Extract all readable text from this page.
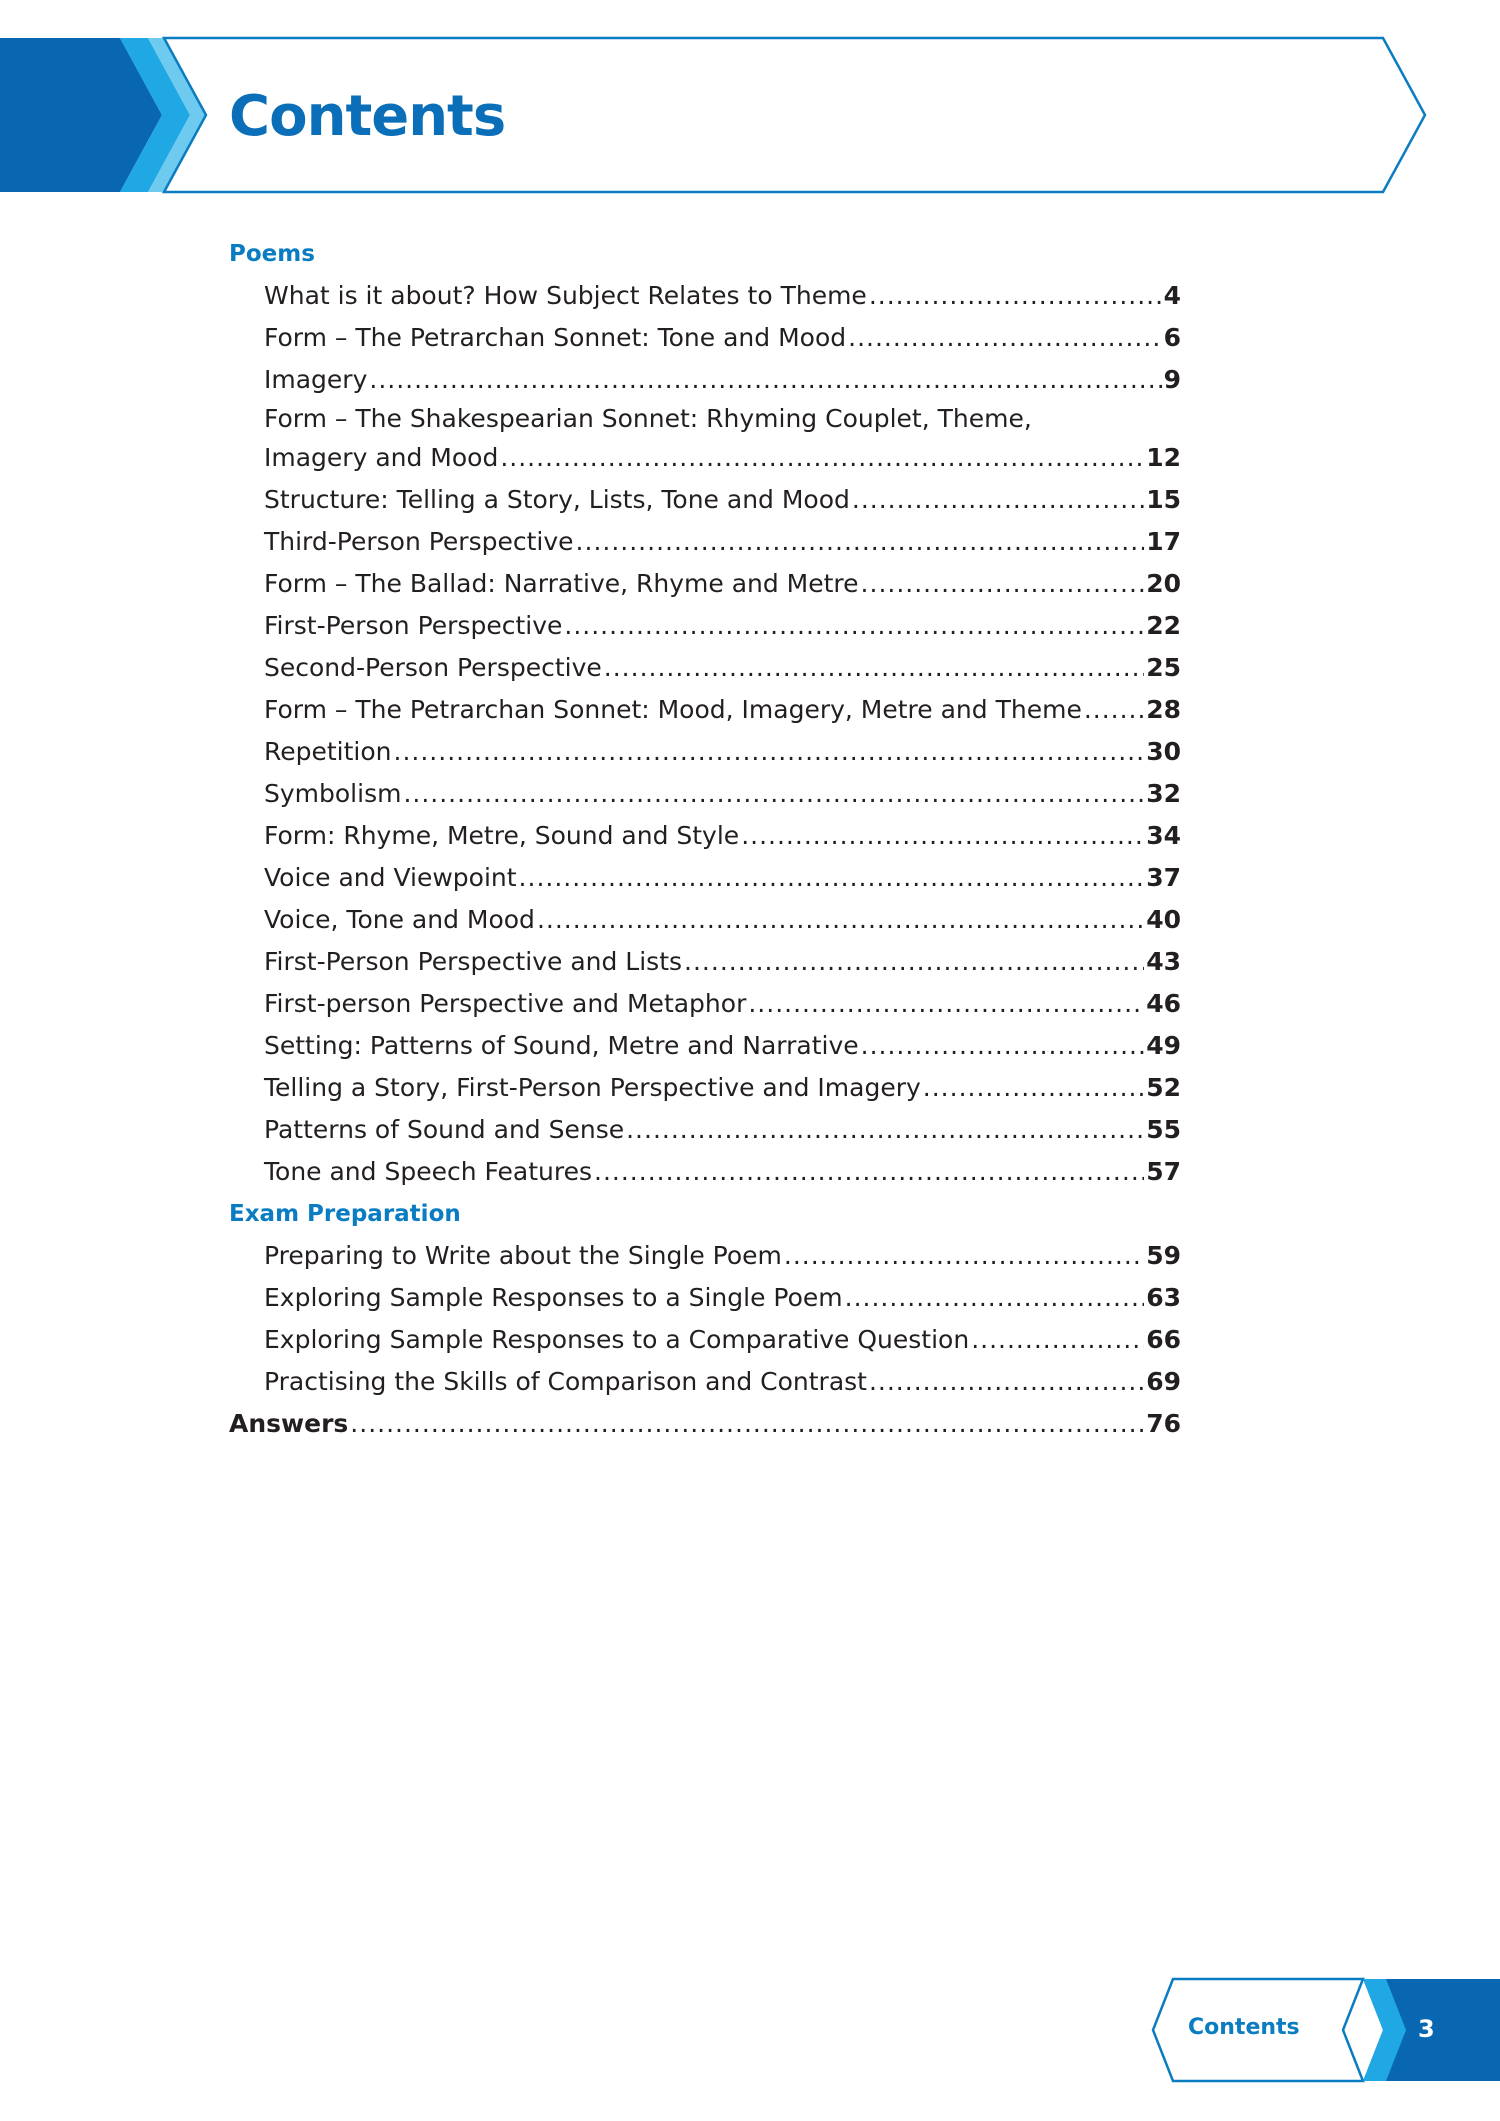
Contents
Poems
What is it about? How Subject Relates to Theme .....	4
Form – The Petrarchan Sonnet: Tone and Mood .....	6
Imagery .....	9
Form – The Shakespearian Sonnet: Rhyming Couplet, Theme,
Imagery and Mood .....	12
Structure: Telling a Story, Lists, Tone and Mood .....	15
Third-Person Perspective .....	17
Form – The Ballad: Narrative, Rhyme and Metre .....	20
First-Person Perspective .....	22
Second-Person Perspective .....	25
Form – The Petrarchan Sonnet: Mood, Imagery, Metre and Theme .....	28
Repetition .....	30
Symbolism .....	32
Form: Rhyme, Metre, Sound and Style .....	34
Voice and Viewpoint .....	37
Voice, Tone and Mood .....	40
First-Person Perspective and Lists .....	43
First-person Perspective and Metaphor .....	46
Setting: Patterns of Sound, Metre and Narrative .....	49
Telling a Story, First-Person Perspective and Imagery .....	52
Patterns of Sound and Sense .....	55
Tone and Speech Features .....	57
Exam Preparation
Preparing to Write about the Single Poem .....	59
Exploring Sample Responses to a Single Poem .....	63
Exploring Sample Responses to a Comparative Question .....	66
Practising the Skills of Comparison and Contrast .....	69
Answers .....	76
Contents	3
